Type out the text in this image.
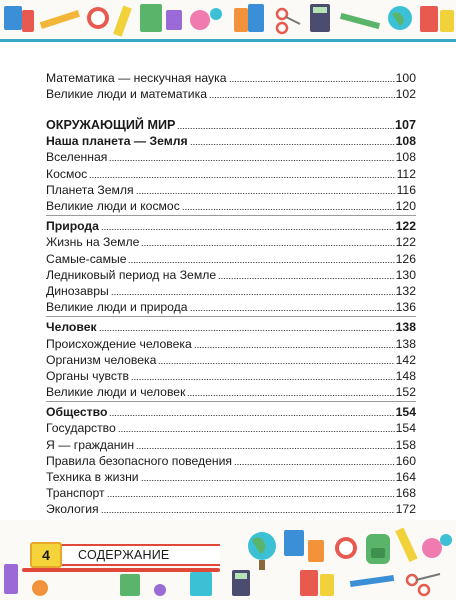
Математика — нескучная наука	100
Великие люди и математика	102
ОКРУЖАЮЩИЙ МИР	107
Наша планета — Земля	108
Вселенная	108
Космос	112
Планета Земля	116
Великие люди и космос	120
Природа	122
Жизнь на Земле	122
Самые-самые	126
Ледниковый период на Земле	130
Динозавры	132
Великие люди и природа	136
Человек	138
Происхождение человека	138
Организм человека	142
Органы чувств	148
Великие люди и человек	152
Общество	154
Государство	154
Я — гражданин	158
Правила безопасного поведения	160
Техника в жизни	164
Транспорт	168
Экология	172
4	СОДЕРЖАНИЕ
